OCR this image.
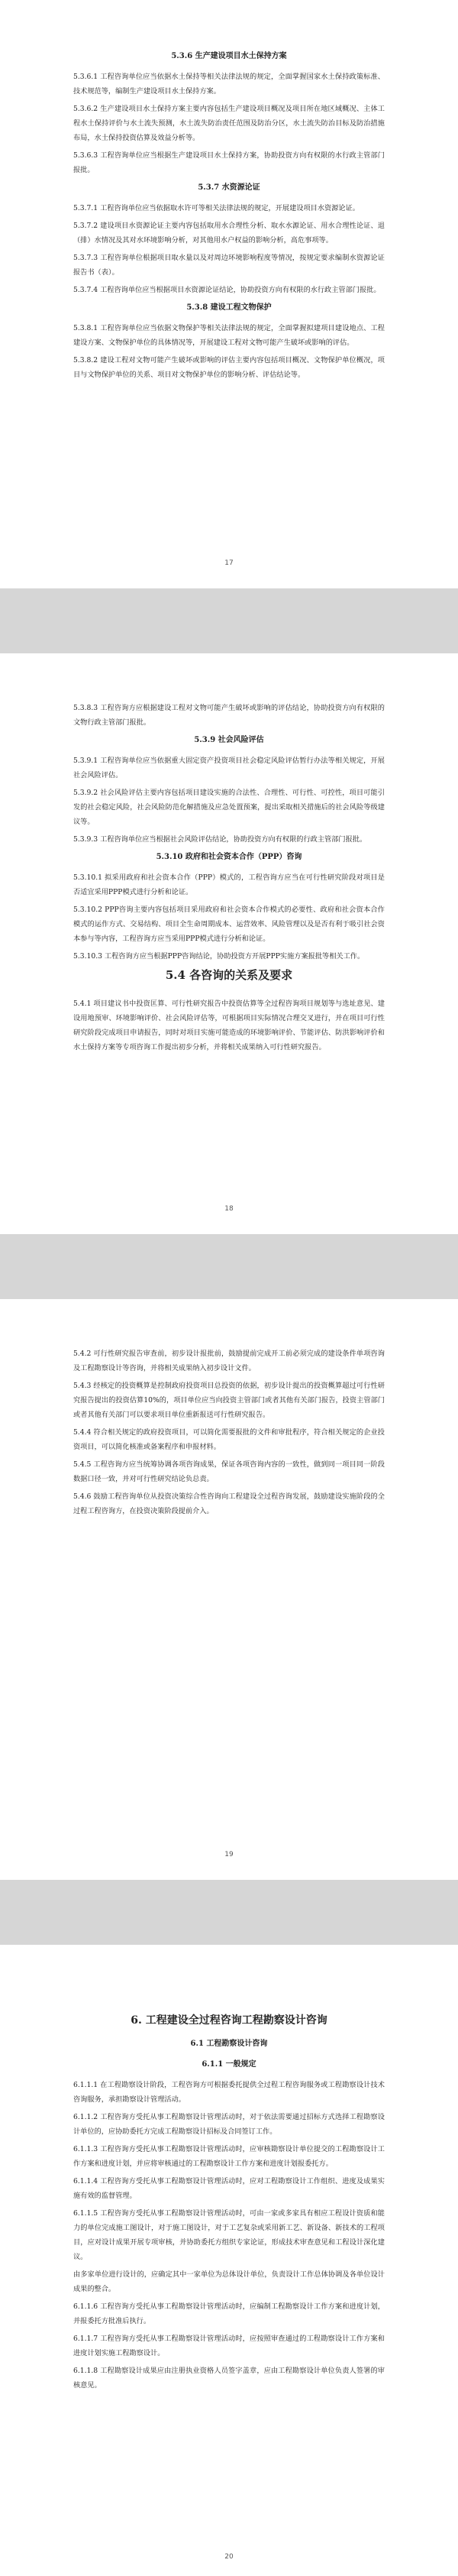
5.3.6 生产建设项目水土保持方案
5.3.6.1 工程咨询单位应当依据水土保持等相关法律法规的规定，全面掌握国家水土保持政策标准、技术规范等，编制生产建设项目水土保持方案。
5.3.6.2 生产建设项目水土保持方案主要内容包括生产建设项目概况及项目所在地区域概况、主体工程水土保持评价与水土流失预测，水土流失防治责任范围及防治分区，水土流失防治目标及防治措施布局，水土保持投资估算及效益分析等。
5.3.6.3 工程咨询单位应当根据生产建设项目水土保持方案，协助投资方向有权限的水行政主管部门报批。
5.3.7 水资源论证
5.3.7.1 工程咨询单位应当依据取水许可等相关法律法规的规定，开展建设项目水资源论证。
5.3.7.2 建设项目水资源论证主要内容包括取用水合理性分析、取水水源论证、用水合理性论证、退（排）水情况及其对水环境影响分析，对其他用水户权益的影响分析，高危事项等。
5.3.7.3 工程咨询单位根据项目取水量以及对周边环境影响程度等情况，按规定要求编制水资源论证报告书（表）。
5.3.7.4 工程咨询单位应当根据项目水资源论证结论，协助投资方向有权限的水行政主管部门报批。
5.3.8 建设工程文物保护
5.3.8.1 工程咨询单位应当依据文物保护等相关法律法规的规定，全面掌握拟建项目建设地点、工程建设方案、文物保护单位的具体情况等，开展建设工程对文物可能产生破坏或影响的评估。
5.3.8.2 建设工程对文物可能产生破坏或影响的评估主要内容包括项目概况、文物保护单位概况，项目与文物保护单位的关系、项目对文物保护单位的影响分析、评估结论等。
17
5.3.8.3 工程咨询方应根据建设工程对文物可能产生破坏或影响的评估结论，协助投资方向有权限的文物行政主管部门报批。
5.3.9 社会风险评估
5.3.9.1 工程咨询单位应当依据重大固定资产投资项目社会稳定风险评估暂行办法等相关规定，开展社会风险评估。
5.3.9.2 社会风险评估主要内容包括项目建设实施的合法性、合理性、可行性、可控性，项目可能引发的社会稳定风险，社会风险防范化解措施及应急处置预案，提出采取相关措施后的社会风险等级建议等。
5.3.9.3 工程咨询单位应当根据社会风险评估结论，协助投资方向有权限的行政主管部门报批。
5.3.10 政府和社会资本合作（PPP）咨询
5.3.10.1 拟采用政府和社会资本合作（PPP）模式的，工程咨询方应当在可行性研究阶段对项目是否适宜采用PPP模式进行分析和论证。
5.3.10.2 PPP咨询主要内容包括项目采用政府和社会资本合作模式的必要性、政府和社会资本合作模式的运作方式、交易结构、项目全生命周期成本、运营效率、风险管理以及是否有利于吸引社会资本参与等内容，工程咨询方应当采用PPP模式进行分析和论证。
5.3.10.3 工程咨询方应当根据PPP咨询结论，协助投资方开展PPP实施方案报批等相关工作。
5.4 各咨询的关系及要求
5.4.1 项目建议书中投资匡算、可行性研究报告中投资估算等全过程咨询项目规划等与选址意见、建设用地预审、环境影响评价、社会风险评估等，可根据项目实际情况合理交叉进行，并在项目可行性研究阶段完成项目申请报告，同时对项目实施可能造成的环境影响评价、节能评估、防洪影响评价和水土保持方案等专项咨询工作提出初步分析，并将相关成果纳入可行性研究报告。
18
5.4.2 可行性研究报告审查前，初步设计报批前，鼓励提前完成开工前必须完成的建设条件单项咨询及工程勘察设计等咨询，并将相关成果纳入初步设计文件。
5.4.3 经核定的投资概算是控制政府投资项目总投资的依据，初步设计提出的投资概算超过可行性研究报告提出的投资估算10%的，项目单位应当向投资主管部门或者其他有关部门报告，投资主管部门或者其他有关部门可以要求项目单位重新报送可行性研究报告。
5.4.4 符合相关规定的政府投资项目，可以简化需要报批的文件和审批程序，符合相关规定的企业投资项目，可以简化核准或备案程序和申报材料。
5.4.5 工程咨询方应当统筹协调各项咨询成果，保证各项咨询内容的一致性，做到同一项目同一阶段数据口径一致，并对可行性研究结论负总责。
5.4.6 鼓励工程咨询单位从投资决策综合性咨询向工程建设全过程咨询发展，鼓励建设实施阶段的全过程工程咨询方，在投资决策阶段提前介入。
19
6. 工程建设全过程咨询工程勘察设计咨询
6.1 工程勘察设计咨询
6.1.1 一般规定
6.1.1.1 在工程勘察设计阶段，工程咨询方可根据委托提供全过程工程咨询服务或工程勘察设计技术咨询服务，承担勘察设计管理活动。
6.1.1.2 工程咨询方受托从事工程勘察设计管理活动时，对于依法需要通过招标方式选择工程勘察设计单位的，应协助委托方完成工程勘察设计招标及合同签订工作。
6.1.1.3 工程咨询方受托从事工程勘察设计管理活动时，应审核勘察设计单位提交的工程勘察设计工作方案和进度计划，并应将审核通过的工程勘察设计工作方案和进度计划报委托方。
6.1.1.4 工程咨询方受托从事工程勘察设计管理活动时，应对工程勘察设计工作组织、进度及成果实施有效的监督管理。
6.1.1.5 工程咨询方受托从事工程勘察设计管理活动时，可由一家或多家具有相应工程设计资质和能力的单位完成施工图设计，对于施工图设计，对于工艺复杂或采用新工艺、新设备、新技术的工程项目，应对设计成果开展专项审核，并协助委托方组织专家论证，形成技术审查意见和工程设计深化建议。
由多家单位进行设计的，应确定其中一家单位为总体设计单位，负责设计工作总体协调及各单位设计成果的整合。
6.1.1.6 工程咨询方受托从事工程勘察设计管理活动时，应编制工程勘察设计工作方案和进度计划，并报委托方批准后执行。
6.1.1.7 工程咨询方受托从事工程勘察设计管理活动时，应按照审查通过的工程勘察设计工作方案和进度计划实施工程勘察设计。
6.1.1.8 工程勘察设计成果应由注册执业资格人员签字盖章，应由工程勘察设计单位负责人签署的审核意见。
20
